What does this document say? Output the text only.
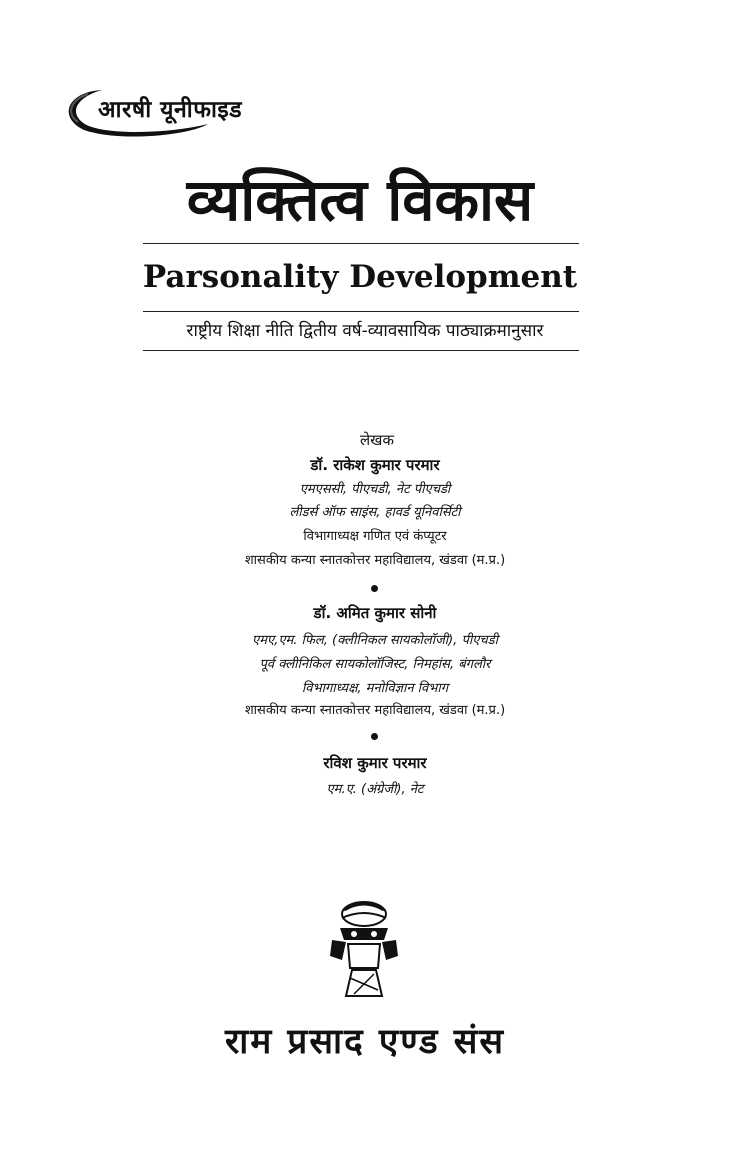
आरषी यूनीफाइड
व्यक्तित्व विकास
Parsonality Development
राष्ट्रीय शिक्षा नीति द्वितीय वर्ष-व्यावसायिक पाठ्याक्रमानुसार
लेखक
डॉ. राकेश कुमार परमार
एमएससी, पीएचडी, नेट पीएचडी
लीडर्स ऑफ साइंस, हावर्ड यूनिवर्सिटी
विभागाध्यक्ष गणित एवं कंप्यूटर
शासकीय कन्या स्नातकोत्तर महाविद्यालय, खंडवा (म.प्र.)
डॉ. अमित कुमार सोनी
एमए,एम. फिल, (क्लीनिकल सायकोलॉजी), पीएचडी
पूर्व क्लीनिकिल सायकोलॉजिस्ट, निमहांस, बंगलौर
विभागाध्यक्ष, मनोविज्ञान विभाग
शासकीय कन्या स्नातकोत्तर महाविद्यालय, खंडवा (म.प्र.)
रविश कुमार परमार
एम.ए. (अंग्रेजी), नेट
राम प्रसाद एण्ड संस
